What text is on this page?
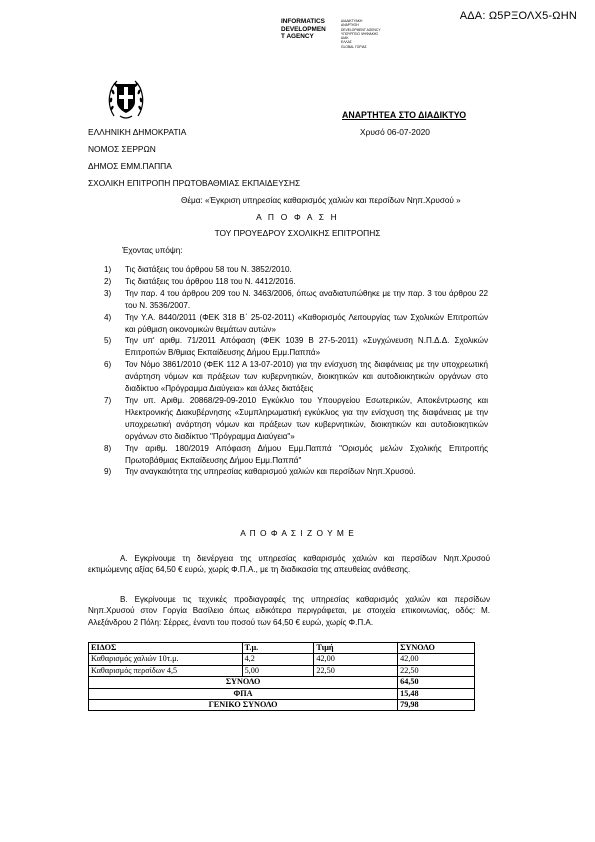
ΑΔΑ: Ω5ΡΞΟΛΧ5-ΩΗΝ
INFORMATICS
DEVELOPMEN
T AGENCY
ΔΙΑΔΙΚΤΥΑΚΗ
ΑΝΑΡΤΗΣΗ
DEVELOPMENT AGENCY
ΥΠΟΥΡΓΕΙΟ ΨΗΦΙΑΚΗΣ
ΔΙΑΚ
ΕΛΛΑΣ
GLOBAL ΓΟΡΙΑΣ
ΑΝΑΡΤΗΤΕΑ ΣΤΟ ΔΙΑΔΙΚΤΥΟ
Χρυσό 06-07-2020
ΕΛΛΗΝΙΚΗ ΔΗΜΟΚΡΑΤΙΑ
ΝΟΜΟΣ ΣΕΡΡΩΝ
ΔΗΜΟΣ ΕΜΜ.ΠΑΠΠΑ
ΣΧΟΛΙΚΗ ΕΠΙΤΡΟΠΗ ΠΡΩΤΟΒΑΘΜΙΑΣ ΕΚΠΑΙΔΕΥΣΗΣ
Θέμα: «Έγκριση υπηρεσίας καθαρισμός χαλιών και περσίδων Νηπ.Χρυσού »
Α Π Ο Φ Α Σ Η
ΤΟΥ ΠΡΟΥΕΔΡΟΥ ΣΧΟΛΙΚΗΣ ΕΠΙΤΡΟΠΗΣ
Έχοντας υπόψη:
1)	Τις διατάξεις του άρθρου 58 του Ν. 3852/2010.
2)	Τις διατάξεις του άρθρου 118 του Ν. 4412/2016.
3)	Την παρ. 4 του άρθρου 209 του Ν. 3463/2006, όπως αναδιατυπώθηκε με την παρ. 3 του άρθρου 22 του Ν. 3536/2007.
4)	Την Υ.Α. 8440/2011 (ΦΕΚ 318 Β΄ 25-02-2011) «Καθορισμός Λειτουργίας των Σχολικών Επιτροπών και ρύθμιση οικονομικών θεμάτων αυτών»
5)	Την υπ' αριθμ. 71/2011 Απόφαση (ΦΕΚ 1039 Β 27-5-2011) «Συγχώνευση Ν.Π.Δ.Δ. Σχολικών Επιτροπών Β/θμιας Εκπαίδευσης Δήμου Εμμ.Παππά»
6)	Τον Νόμο 3861/2010 (ΦΕΚ 112 Α 13-07-2010) για την ενίσχυση της διαφάνειας με την υποχρεωτική ανάρτηση νόμων και πράξεων των κυβερνητικών, διοικητικών και αυτοδιοικητικών οργάνων στο διαδίκτυο «Πρόγραμμα Διαύγεια» και άλλες διατάξεις
7)	Την υπ. Αριθμ. 20868/29-09-2010 Εγκύκλιο του Υπουργείου Εσωτερικών, Αποκέντρωσης και Ηλεκτρονικής Διακυβέρνησης «Συμπληρωματική εγκύκλιος για την ενίσχυση της διαφάνειας με την υποχρεωτική ανάρτηση νόμων και πράξεων των κυβερνητικών, διοικητικών και αυτοδιοικητικών οργάνων στο διαδίκτυο "Πρόγραμμα Διαύγεια"»
8)	Την αριθμ. 180/2019 Απόφαση Δήμου Εμμ.Παππά "Ορισμός μελών Σχολικής Επιτροπής Πρωτοβάθμιας Εκπαίδευσης Δήμου Εμμ.Παππά"
9)	Την αναγκαιότητα της υπηρεσίας καθαρισμού χαλιών και περσίδων Νηπ.Χρυσού.
Α Π Ο Φ Α Σ Ι Ζ Ο Υ Μ Ε
Α. Εγκρίνουμε τη διενέργεια της υπηρεσίας καθαρισμός χαλιών και περσίδων Νηπ.Χρυσού εκτιμώμενης αξίας 64,50 € ευρώ, χωρίς Φ.Π.Α., με τη διαδικασία της απευθείας ανάθεσης.
Β. Εγκρίνουμε τις τεχνικές προδιαγραφές της υπηρεσίας καθαρισμός χαλιών και περσίδων Νηπ.Χρυσού στον Γοργία Βασίλειο όπως ειδικότερα περιγράφεται, με στοιχεία επικοινωνίας, οδός: Μ. Αλεξάνδρου 2 Πόλη: Σέρρες, έναντι του ποσού των 64,50 € ευρώ, χωρίς Φ.Π.Α.
ΕΙΔΟΣ	Τ.μ.	Τιμή	ΣΥΝΟΛΟ
Καθαρισμός χαλιών 10τ.μ.	4,2	42,00	42,00
Καθαρισμός περσίδων 4,5	5,00	22,50	22,50
ΣΥΝΟΛΟ			64,50
ΦΠΑ			15,48
ΓΕΝΙΚΟ ΣΥΝΟΛΟ			79,98
